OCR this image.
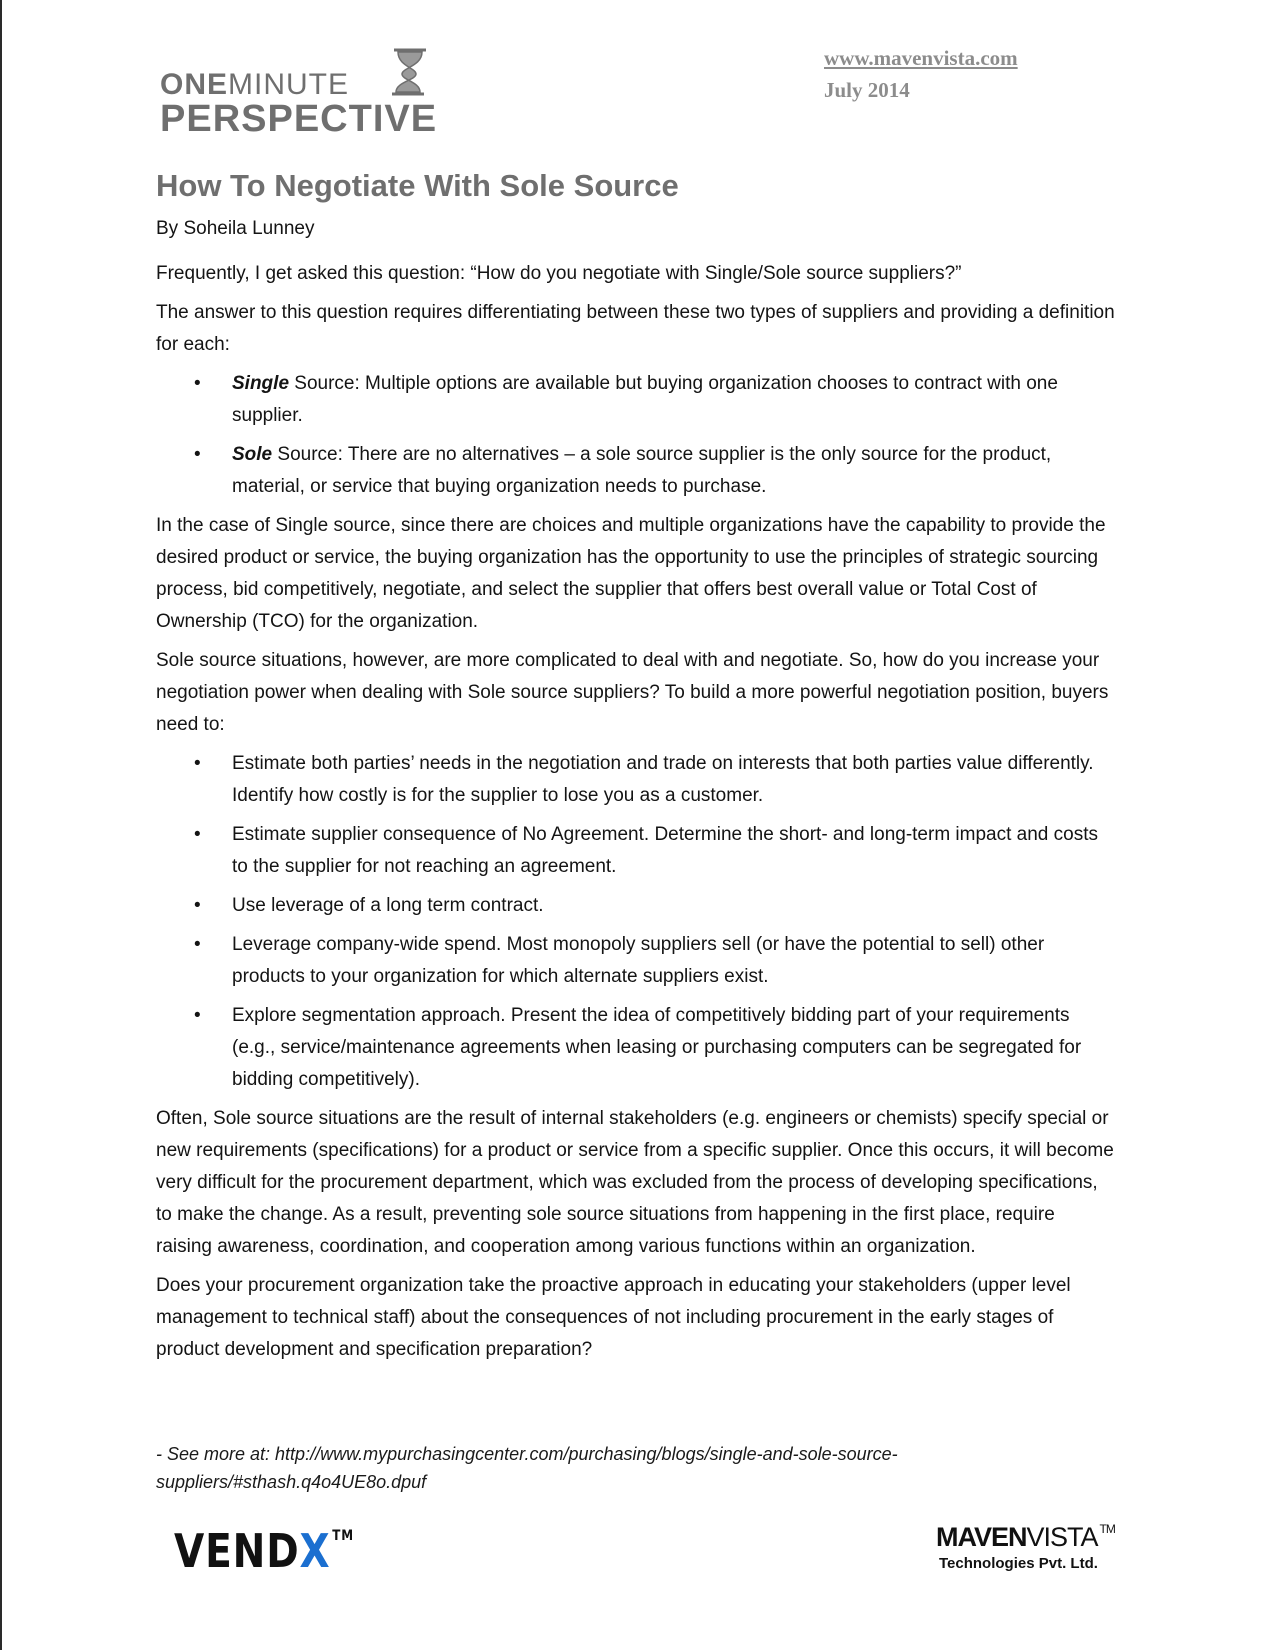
ONEMINUTE
PERSPECTIVE
www.mavenvista.com
July 2014
How To Negotiate With Sole Source
By Soheila Lunney

Frequently, I get asked this question: “How do you negotiate with Single/Sole source suppliers?”

The answer to this question requires differentiating between these two types of suppliers and providing a definition for each:

• Single Source: Multiple options are available but buying organization chooses to contract with one supplier.
• Sole Source: There are no alternatives – a sole source supplier is the only source for the product, material, or service that buying organization needs to purchase.

In the case of Single source, since there are choices and multiple organizations have the capability to provide the desired product or service, the buying organization has the opportunity to use the principles of strategic sourcing process, bid competitively, negotiate, and select the supplier that offers best overall value or Total Cost of Ownership (TCO) for the organization.

Sole source situations, however, are more complicated to deal with and negotiate. So, how do you increase your negotiation power when dealing with Sole source suppliers? To build a more powerful negotiation position, buyers need to:

• Estimate both parties’ needs in the negotiation and trade on interests that both parties value differently. Identify how costly is for the supplier to lose you as a customer.
• Estimate supplier consequence of No Agreement. Determine the short- and long-term impact and costs to the supplier for not reaching an agreement.
• Use leverage of a long term contract.
• Leverage company-wide spend. Most monopoly suppliers sell (or have the potential to sell) other products to your organization for which alternate suppliers exist.
• Explore segmentation approach. Present the idea of competitively bidding part of your requirements (e.g., service/maintenance agreements when leasing or purchasing computers can be segregated for bidding competitively).

Often, Sole source situations are the result of internal stakeholders (e.g. engineers or chemists) specify special or new requirements (specifications) for a product or service from a specific supplier. Once this occurs, it will become very difficult for the procurement department, which was excluded from the process of developing specifications, to make the change. As a result, preventing sole source situations from happening in the first place, require raising awareness, coordination, and cooperation among various functions within an organization.

Does your procurement organization take the proactive approach in educating your stakeholders (upper level management to technical staff) about the consequences of not including procurement in the early stages of product development and specification preparation?

- See more at: http://www.mypurchasingcenter.com/purchasing/blogs/single-and-sole-source-suppliers/#sthash.q4o4UE8o.dpuf
VENDX ™	MAVENVISTA ™
Technologies Pvt. Ltd.
